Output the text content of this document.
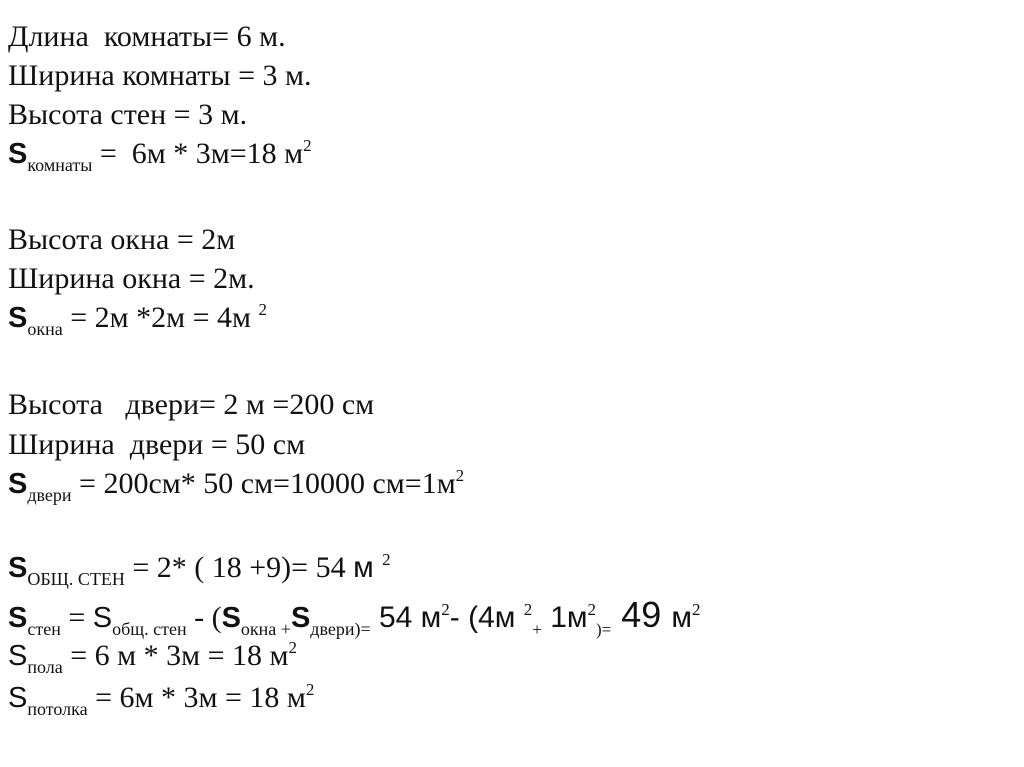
Длина  комнаты= 6 м.
Ширина комнаты = 3 м.
Высота стен = 3 м.
$S_{комнаты} = 6м * 3м=18$ $м^2$
Высота окна = 2м
Ширина окна = 2м.
$S_{окна} = 2м$ *2м = 4м $^2$
Высота   двери= 2 м =200 см
Ширина  двери = 50 см
$S_{двери} = 200см*$ 50 см=10000 $см=1м^2$
$S_{ОБЩ. СТЕН} = 2*$ ( 18 +9)= 54 м $^2$
$S_{стен} = S_{общ. стен} - (S_{окна +}S_{двери)=}$ 54 $м^2-$ (4м $^2_+$ $1м^2_{)=}$ 49 $м^2$
$S_{пола} = 6$ м * 3м = 18 $м^2$
$S_{потолка} = 6м * 3м = 18$ $м^2$
